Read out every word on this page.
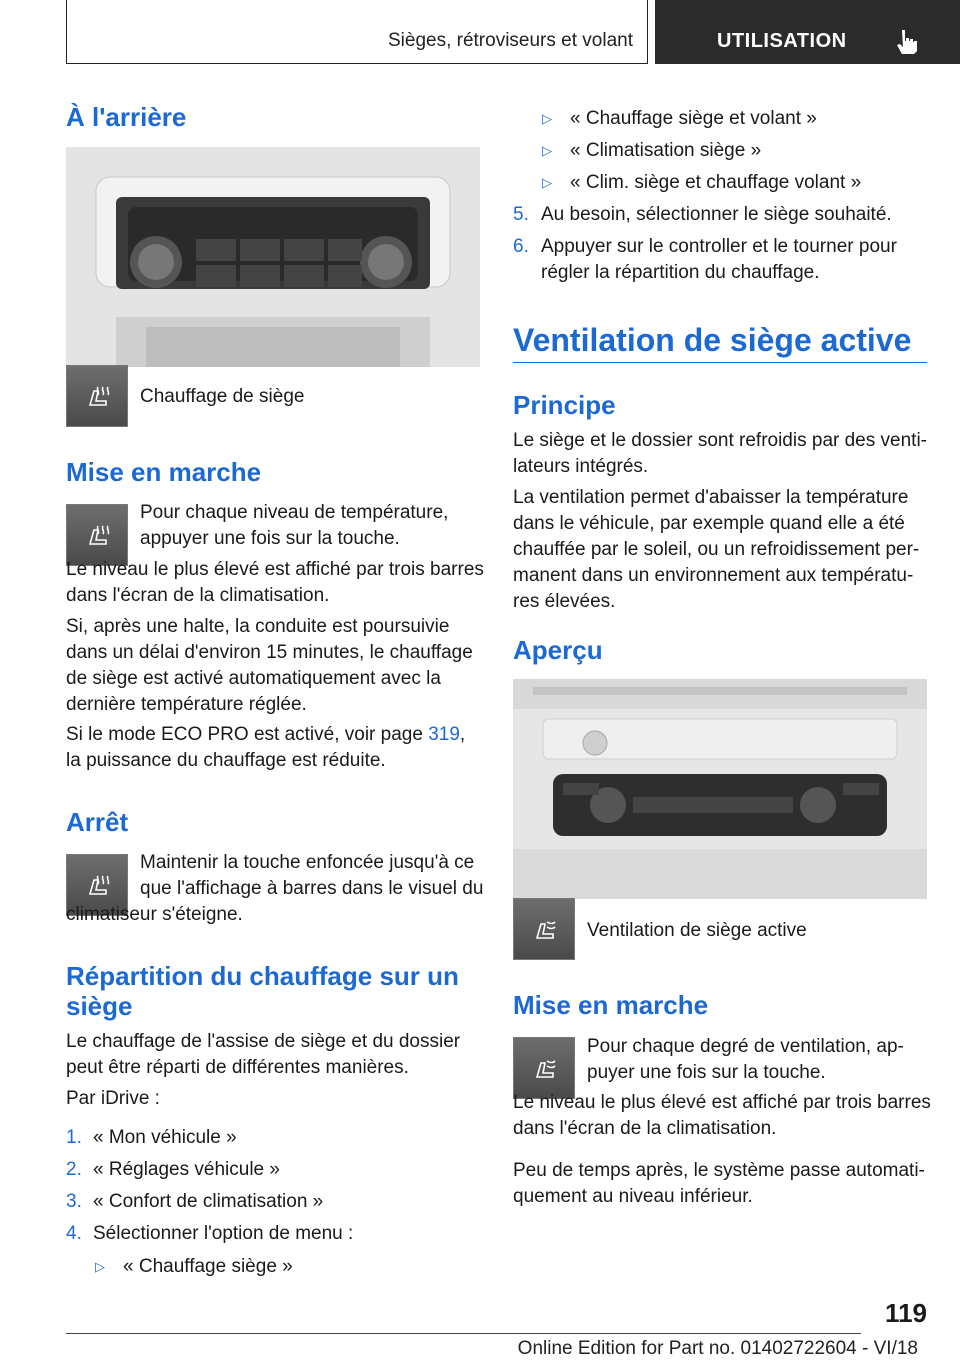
Sièges, rétroviseurs et volant	UTILISATION
À l'arrière

Chauffage de siège

Mise en marche

Pour chaque niveau de température,

appuyer une fois sur la touche.

Le niveau le plus élevé est affiché par trois barres

dans l'écran de la climatisation.

Si, après une halte, la conduite est poursuivie

dans un délai d'environ 15 minutes, le chauffage

de siège est activé automatiquement avec la

dernière température réglée.

Si le mode ECO PRO est activé, voir page 319,

la puissance du chauffage est réduite.

Arrêt

Maintenir la touche enfoncée jusqu'à ce

que l'affichage à barres dans le visuel du

climatiseur s'éteigne.

Répartition du chauffage sur un
siège

Le chauffage de l'assise de siège et du dossier

peut être réparti de différentes manières.

Par iDrive :

1. « Mon véhicule »

2. « Réglages véhicule »

3. « Confort de climatisation »

4. Sélectionner l'option de menu :

▷ « Chauffage siège »

▷ « Chauffage siège et volant »

▷ « Climatisation siège »

▷ « Clim. siège et chauffage volant »

5. Au besoin, sélectionner le siège souhaité.

6. Appuyer sur le controller et le tourner pour

régler la répartition du chauffage.

Ventilation de siège active
Principe

Le siège et le dossier sont refroidis par des venti‐

lateurs intégrés.

La ventilation permet d'abaisser la température

dans le véhicule, par exemple quand elle a été

chauffée par le soleil, ou un refroidissement per‐

manent dans un environnement aux températu‐

res élevées.

Aperçu

Ventilation de siège active

Mise en marche

Pour chaque degré de ventilation, ap‐

puyer une fois sur la touche.

Le niveau le plus élevé est affiché par trois barres

dans l'écran de la climatisation.

Peu de temps après, le système passe automati‐

quement au niveau inférieur.

119
Online Edition for Part no. 01402722604 - VI/18
